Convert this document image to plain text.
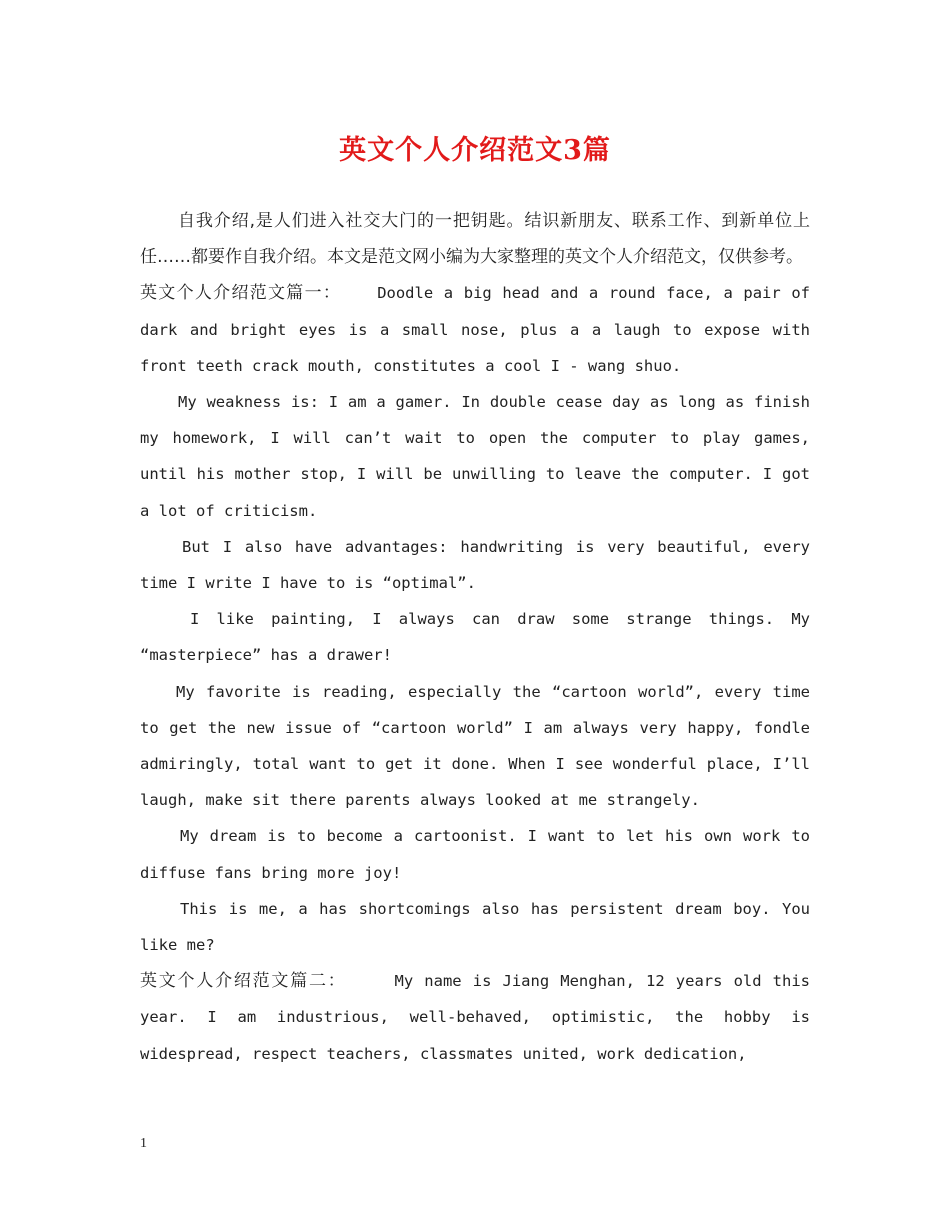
英文个人介绍范文3篇

自我介绍,是人们进入社交大门的一把钥匙。结识新朋友、联系工作、到新单位上任……都要作自我介绍。本文是范文网小编为大家整理的英文个人介绍范文，仅供参考。

英文个人介绍范文篇一： Doodle a big head and a round face, a pair of dark and bright eyes is a small nose, plus a a laugh to expose with front teeth crack mouth, constitutes a cool I - wang shuo.

My weakness is: I am a gamer. In double cease day as long as finish my homework, I will can’t wait to open the computer to play games, until his mother stop, I will be unwilling to leave the computer. I got a lot of criticism.

But I also have advantages: handwriting is very beautiful, every time I write I have to is “optimal”.

I like painting, I always can draw some strange things. My “masterpiece” has a drawer!

My favorite is reading, especially the “cartoon world”, every time to get the new issue of “cartoon world” I am always very happy, fondle admiringly, total want to get it done. When I see wonderful place, I’ll laugh, make sit there parents always looked at me strangely.

My dream is to become a cartoonist. I want to let his own work to diffuse fans bring more joy!

This is me, a has shortcomings also has persistent dream boy. You like me?

英文个人介绍范文篇二：	My name is Jiang Menghan, 12 years old this year. I am industrious, well-behaved, optimistic, the hobby is widespread, respect teachers, classmates united, work dedication,

1
